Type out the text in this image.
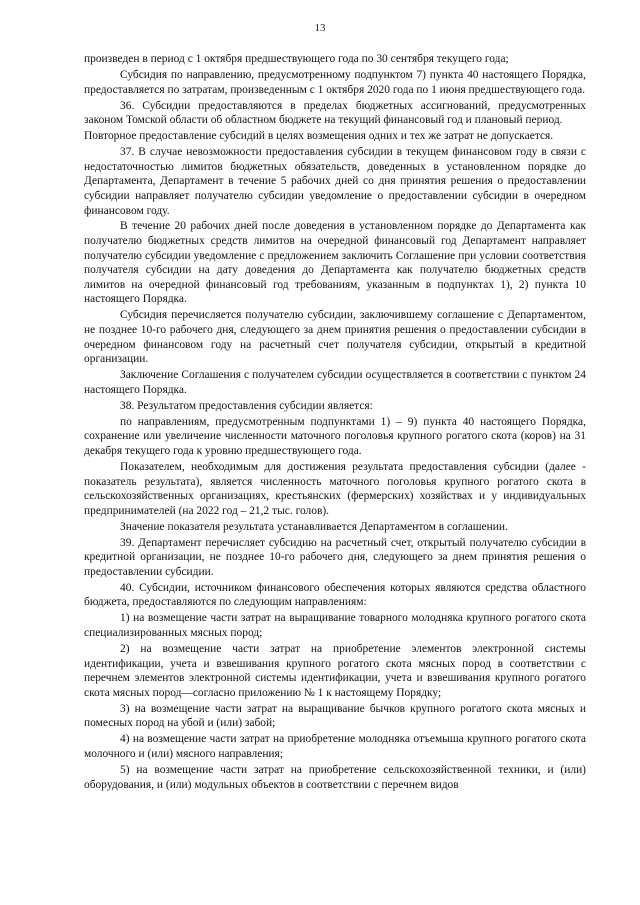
13

произведен в период с 1 октября предшествующего года по 30 сентября текущего года;

Субсидия по направлению, предусмотренному подпунктом 7) пункта 40 настоящего Порядка, предоставляется по затратам, произведенным с 1 октября 2020 года по 1 июня предшествующего года.

36. Субсидии предоставляются в пределах бюджетных ассигнований, предусмотренных законом Томской области об областном бюджете на текущий финансовый год и плановый период.

Повторное предоставление субсидий в целях возмещения одних и тех же затрат не допускается.

37. В случае невозможности предоставления субсидии в текущем финансовом году в связи с недостаточностью лимитов бюджетных обязательств, доведенных в установленном порядке до Департамента, Департамент в течение 5 рабочих дней со дня принятия решения о предоставлении субсидии направляет получателю субсидии уведомление о предоставлении субсидии в очередном финансовом году.

В течение 20 рабочих дней после доведения в установленном порядке до Департамента как получателю бюджетных средств лимитов на очередной финансовый год Департамент направляет получателю субсидии уведомление с предложением заключить Соглашение при условии соответствия получателя субсидии на дату доведения до Департамента как получателю бюджетных средств лимитов на очередной финансовый год требованиям, указанным в подпунктах 1), 2) пункта 10 настоящего Порядка.

Субсидия перечисляется получателю субсидии, заключившему соглашение с Департаментом, не позднее 10-го рабочего дня, следующего за днем принятия решения о предоставлении субсидии в очередном финансовом году на расчетный счет получателя субсидии, открытый в кредитной организации.

Заключение Соглашения с получателем субсидии осуществляется в соответствии с пунктом 24 настоящего Порядка.

38. Результатом предоставления субсидии является:

по направлениям, предусмотренным подпунктами 1) – 9) пункта 40 настоящего Порядка, сохранение или увеличение численности маточного поголовья крупного рогатого скота (коров) на 31 декабря текущего года к уровню предшествующего года.

Показателем, необходимым для достижения результата предоставления субсидии (далее - показатель результата), является численность маточного поголовья крупного рогатого скота в сельскохозяйственных организациях, крестьянских (фермерских) хозяйствах и у индивидуальных предпринимателей (на 2022 год – 21,2 тыс. голов).

Значение показателя результата устанавливается Департаментом в соглашении.

39. Департамент перечисляет субсидию на расчетный счет, открытый получателю субсидии в кредитной организации, не позднее 10-го рабочего дня, следующего за днем принятия решения о предоставлении субсидии.

40. Субсидии, источником финансового обеспечения которых являются средства областного бюджета, предоставляются по следующим направлениям:

1) на возмещение части затрат на выращивание товарного молодняка крупного рогатого скота специализированных мясных пород;

2) на возмещение части затрат на приобретение элементов электронной системы идентификации, учета и взвешивания крупного рогатого скота мясных пород в соответствии с перечнем элементов электронной системы идентификации, учета и взвешивания крупного рогатого скота мясных пород—согласно приложению № 1 к настоящему Порядку;

3) на возмещение части затрат на выращивание бычков крупного рогатого скота мясных и помесных пород на убой и (или) забой;

4) на возмещение части затрат на приобретение молодняка отъемыша крупного рогатого скота молочного и (или) мясного направления;

5) на возмещение части затрат на приобретение сельскохозяйственной техники, и (или) оборудования, и (или) модульных объектов в соответствии с перечнем видов
